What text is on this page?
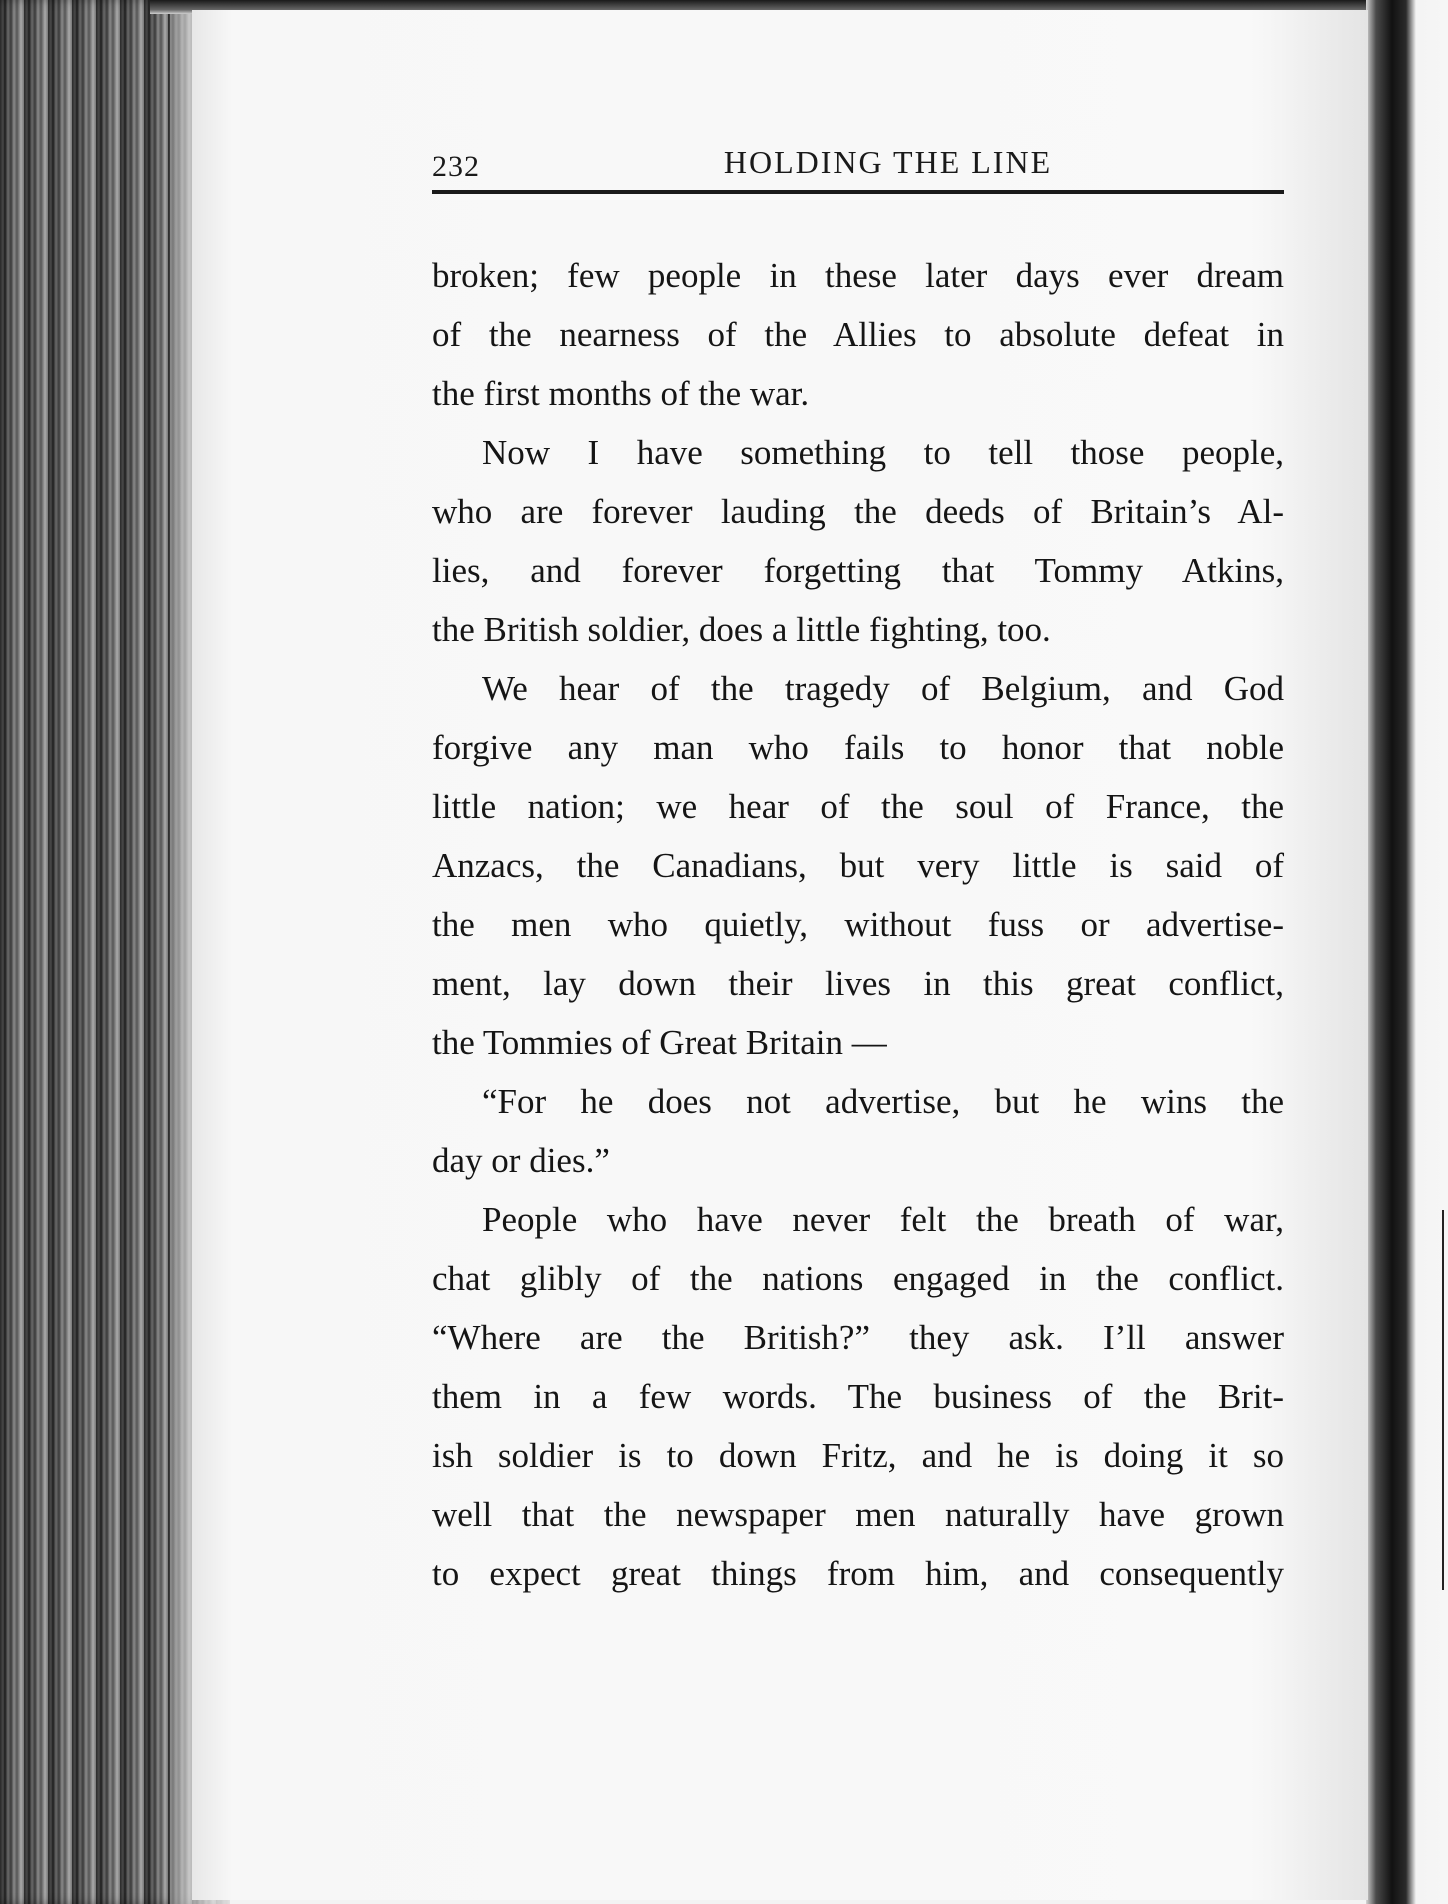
232	HOLDING THE LINE
broken; few people in these later days ever dream
of the nearness of the Allies to absolute defeat in
the first months of the war.
Now I have something to tell those people,
who are forever lauding the deeds of Britain’s Al-
lies, and forever forgetting that Tommy Atkins,
the British soldier, does a little fighting, too.
We hear of the tragedy of Belgium, and God
forgive any man who fails to honor that noble
little nation; we hear of the soul of France, the
Anzacs, the Canadians, but very little is said of
the men who quietly, without fuss or advertise-
ment, lay down their lives in this great conflict,
the Tommies of Great Britain —
“For he does not advertise, but he wins the
day or dies.”
People who have never felt the breath of war,
chat glibly of the nations engaged in the conflict.
“Where are the British?” they ask. I’ll answer
them in a few words. The business of the Brit-
ish soldier is to down Fritz, and he is doing it so
well that the newspaper men naturally have grown
to expect great things from him, and consequently
